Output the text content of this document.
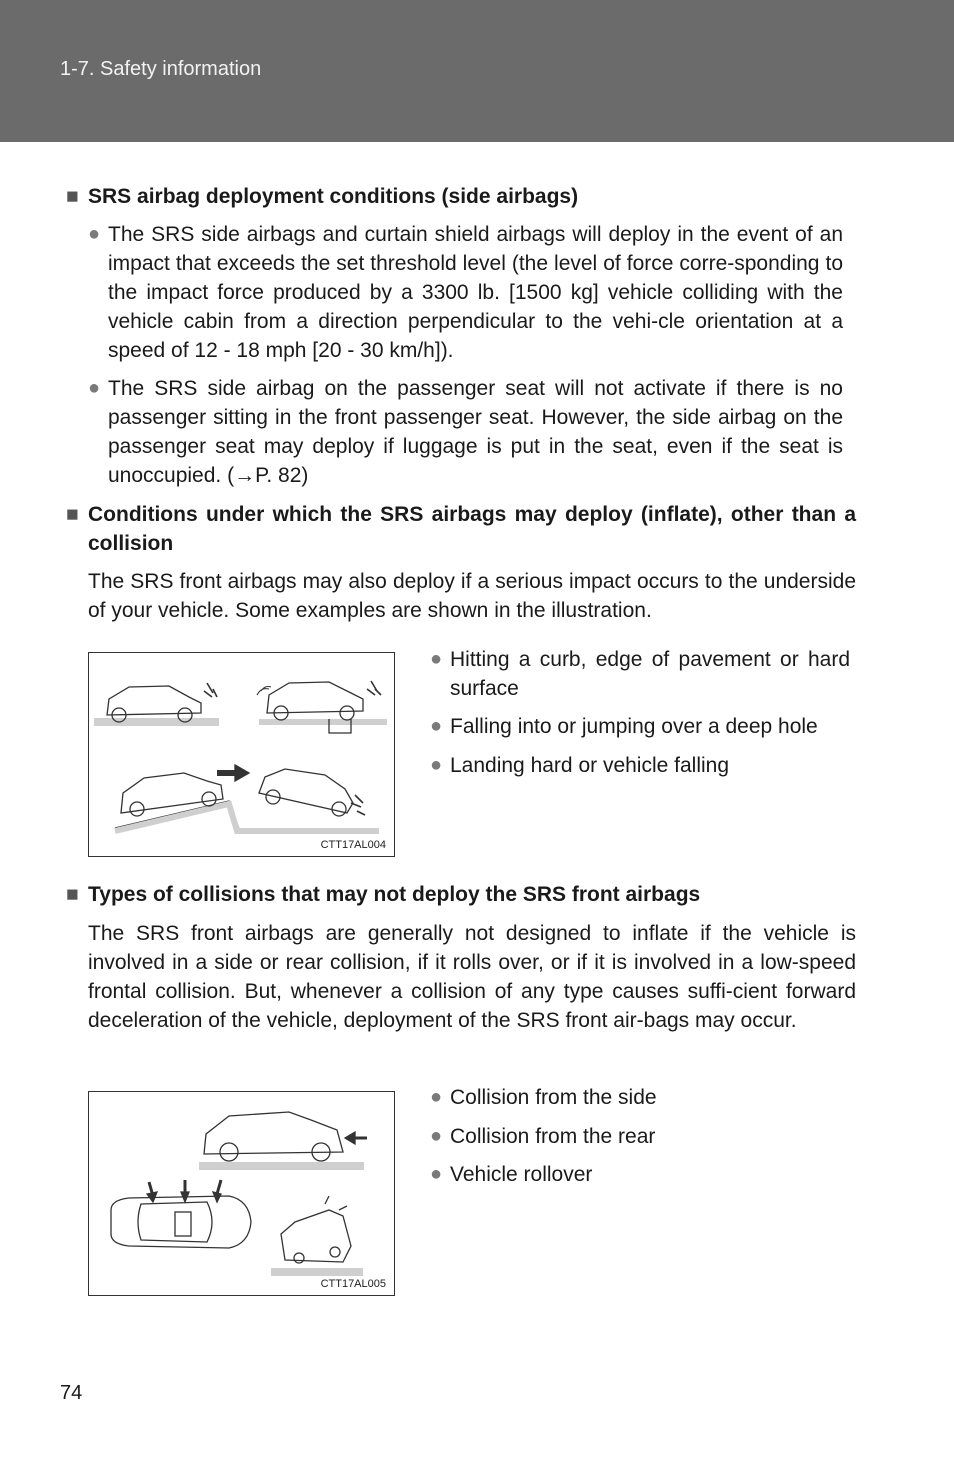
1-7. Safety information
■ SRS airbag deployment conditions (side airbags)
● The SRS side airbags and curtain shield airbags will deploy in the event of an impact that exceeds the set threshold level (the level of force corre-sponding to the impact force produced by a 3300 lb. [1500 kg] vehicle colliding with the vehicle cabin from a direction perpendicular to the vehi-cle orientation at a speed of 12 - 18 mph [20 - 30 km/h]).
● The SRS side airbag on the passenger seat will not activate if there is no passenger sitting in the front passenger seat. However, the side airbag on the passenger seat may deploy if luggage is put in the seat, even if the seat is unoccupied. (→P. 82)
■ Conditions under which the SRS airbags may deploy (inflate), other than a collision
The SRS front airbags may also deploy if a serious impact occurs to the underside of your vehicle. Some examples are shown in the illustration.
CTT17AL004
● Hitting a curb, edge of pavement or hard surface
● Falling into or jumping over a deep hole
● Landing hard or vehicle falling
■ Types of collisions that may not deploy the SRS front airbags
The SRS front airbags are generally not designed to inflate if the vehicle is involved in a side or rear collision, if it rolls over, or if it is involved in a low-speed frontal collision. But, whenever a collision of any type causes suffi-cient forward deceleration of the vehicle, deployment of the SRS front air-bags may occur.
CTT17AL005
● Collision from the side
● Collision from the rear
● Vehicle rollover
74
